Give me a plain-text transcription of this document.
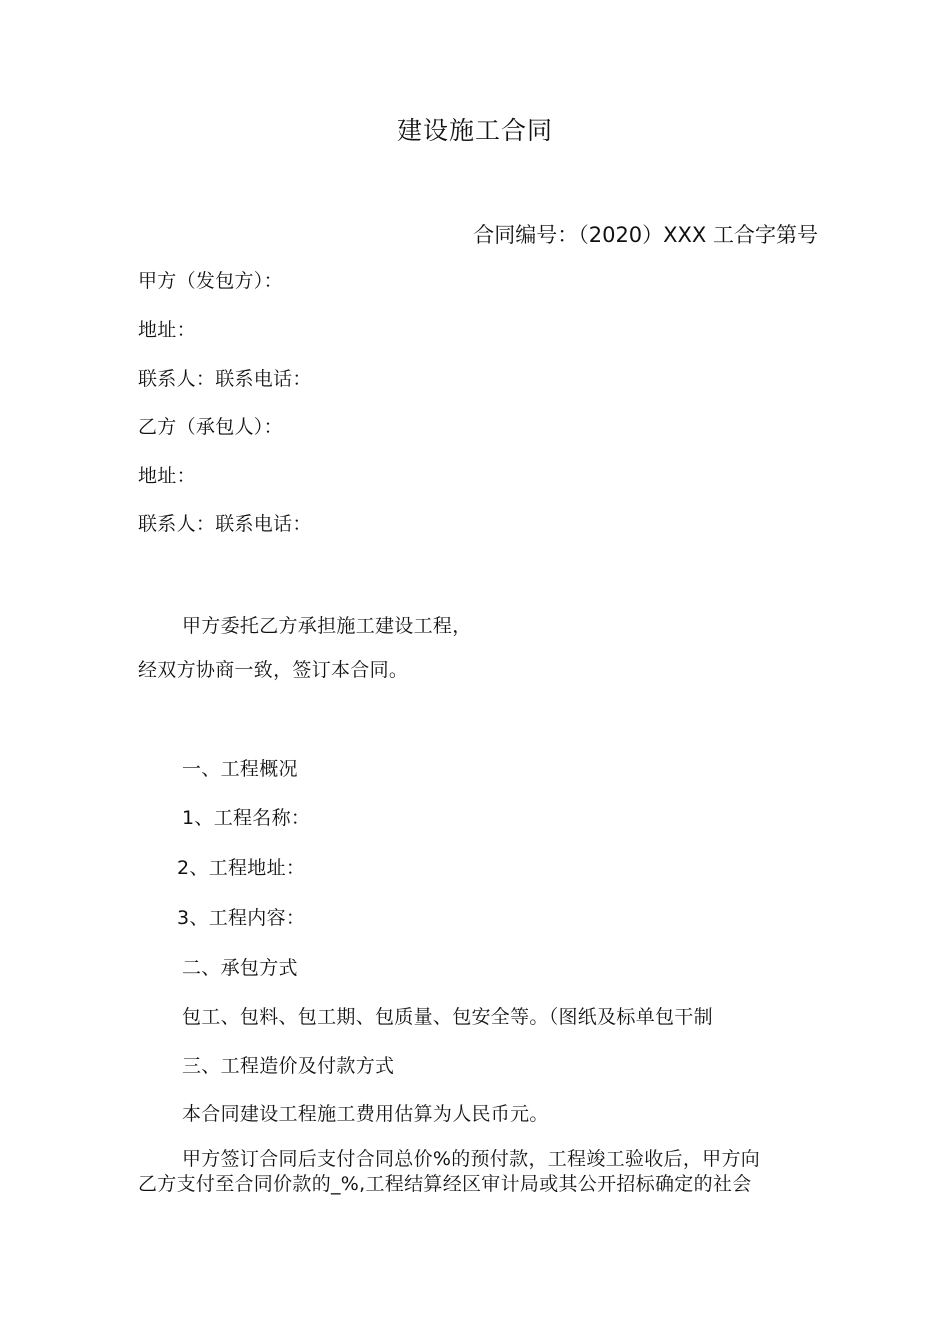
建设施工合同
合同编号：（2020）XXX 工合字第号
甲方（发包方）：
地址：
联系人：联系电话：
乙方（承包人）：
地址：
联系人：联系电话：
甲方委托乙方承担施工建设工程，
经双方协商一致，签订本合同。
一、工程概况
1、工程名称：
2、工程地址：
3、工程内容：
二、承包方式
包工、包料、包工期、包质量、包安全等。（图纸及标单包干制
三、工程造价及付款方式
本合同建设工程施工费用估算为人民币元。
甲方签订合同后支付合同总价%的预付款，工程竣工验收后，甲方向
乙方支付至合同价款的_%,工程结算经区审计局或其公开招标确定的社会
